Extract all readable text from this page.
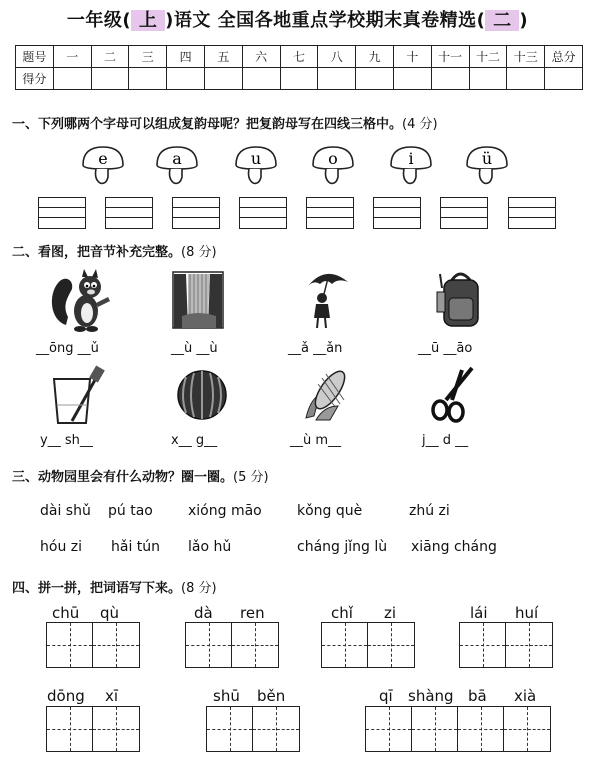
一年级( 上 )语文 全国各地重点学校期末真卷精选( 二 )
题号	一	二	三	四	五	六	七	八	九	十	十一	十二	十三	总分
得分														
一、下列哪两个字母可以组成复韵母呢？把复韵母写在四线三格中。(4 分)
e	a	u	o	i	ü
二、看图，把音节补充完整。(8 分)
__ōng __ǔ	__ù __ù	__ǎ __ǎn	__ū __āo
y__ sh__	x__ g__	__ù m__	j__ d __
三、动物园里会有什么动物？圈一圈。(5 分)
dài shǔ pú tao	xióng māo	kǒng què	zhú zi
hóu zi hǎi tún lǎo hǔ	cháng jǐng lù xiāng cháng
四、拼一拼，把词语写下来。(8 分)
chū qù	dà ren	chǐ zi	lái huí
dōng xī	shū běn	qī shàng bā xià
